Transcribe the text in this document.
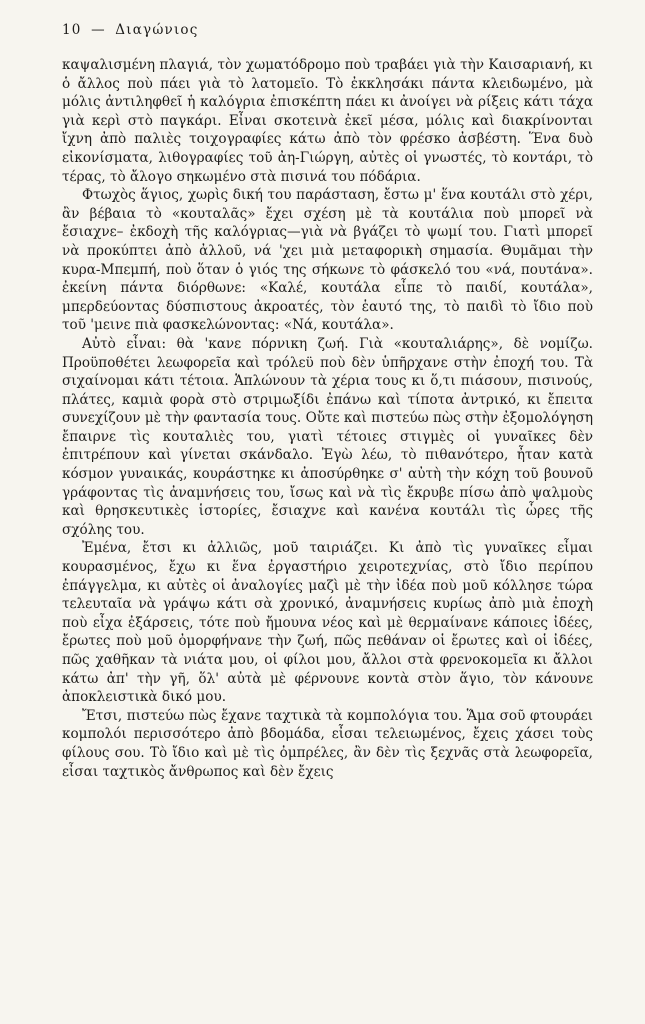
10 — Διαγώνιος

καψαλισμένη πλαγιά, τὸν χωματόδρομο ποὺ τραβάει γιὰ τὴν Καισαριανή, κι ὁ ἄλλος ποὺ πάει γιὰ τὸ λατομεῖο. Τὸ ἐκκλησάκι πάντα κλειδωμένο, μὰ μόλις ἀντιληφθεῖ ἡ καλόγρια ἐπισκέπτη πάει κι ἀνοίγει νὰ ρίξεις κάτι τάχα γιὰ κερὶ στὸ παγκάρι. Εἶναι σκοτεινὰ ἐκεῖ μέσα, μόλις καὶ διακρίνονται ἴχνη ἀπὸ παλιὲς τοιχογραφίες κάτω ἀπὸ τὸν φρέσκο ἀσβέστη. Ἕνα δυὸ εἰκονίσματα, λιθογραφίες τοῦ ἀη-Γιώργη, αὐτὲς οἱ γνωστές, τὸ κοντάρι, τὸ τέρας, τὸ ἄλογο σηκωμένο στὰ πισινά του πόδάρια.

Φτωχὸς ἅγιος, χωρὶς δική του παράσταση, ἔστω μ' ἕνα κουτάλι στὸ χέρι, ἂν βέβαια τὸ «κουταλᾶς» ἔχει σχέση μὲ τὰ κουτάλια ποὺ μπορεῖ νὰ ἔσιαχνε– ἐκδοχὴ τῆς καλόγριας—γιὰ νὰ βγάζει τὸ ψωμί του. Γιατὶ μπορεῖ νὰ προκύπτει ἀπὸ ἀλλοῦ, νά 'χει μιὰ μεταφορικὴ σημασία. Θυμᾶμαι τὴν κυρα-Μπεμπή, ποὺ ὅταν ὁ γιός της σήκωνε τὸ φάσκελό του «νά, πουτάνα». ἐκείνη πάντα διόρθωνε: «Καλέ, κουτάλα εἶπε τὸ παιδί, κουτάλα», μπερδεύοντας δύσπιστους ἀκροατές, τὸν ἑαυτό της, τὸ παιδὶ τὸ ἴδιο ποὺ τοῦ 'μεινε πιὰ φασκελώνοντας: «Νά, κουτάλα».

Αὐτὸ εἶναι: θὰ 'κανε πόρνικη ζωή. Γιὰ «κουταλιάρης», δὲ νομίζω. Προϋποθέτει λεωφορεῖα καὶ τρόλεϋ ποὺ δὲν ὑπῆρχανε στὴν ἐποχή του. Τὰ σιχαίνομαι κάτι τέτοια. Ἁπλώνουν τὰ χέρια τους κι ὅ,τι πιάσουν, πισινούς, πλάτες, καμιὰ φορὰ στὸ στριμωξίδι ἐπάνω καὶ τίποτα ἀντρικό, κι ἔπειτα συνεχίζουν μὲ τὴν φαντασία τους. Οὔτε καὶ πιστεύω πὼς στὴν ἐξομολόγηση ἔπαιρνε τὶς κουταλιὲς του, γιατὶ τέτοιες στιγμὲς οἱ γυναῖκες δὲν ἐπιτρέπουν καὶ γίνεται σκάνδαλο. Ἐγὼ λέω, τὸ πιθανότερο, ἦταν κατὰ κόσμον γυναικάς, κουράστηκε κι ἀποσύρθηκε σ' αὐτὴ τὴν κόχη τοῦ βουνοῦ γράφοντας τὶς ἀναμνήσεις του, ἴσως καὶ νὰ τὶς ἔκρυβε πίσω ἀπὸ ψαλμοὺς καὶ θρησκευτικὲς ἱστορίες, ἔσιαχνε καὶ κανένα κουτάλι τὶς ὧρες τῆς σχόλης του.

Ἐμένα, ἔτσι κι ἀλλιῶς, μοῦ ταιριάζει. Κι ἀπὸ τὶς γυναῖκες εἶμαι κουρασμένος, ἔχω κι ἕνα ἐργαστήριο χειροτεχνίας, στὸ ἴδιο περίπου ἐπάγγελμα, κι αὐτὲς οἱ ἀναλογίες μαζὶ μὲ τὴν ἰδέα ποὺ μοῦ κόλλησε τώρα τελευταῖα νὰ γράψω κάτι σὰ χρονικό, ἀναμνήσεις κυρίως ἀπὸ μιὰ ἐποχὴ ποὺ εἶχα ἐξάρσεις, τότε ποὺ ἤμουνα νέος καὶ μὲ θερμαίνανε κάποιες ἰδέες, ἔρωτες ποὺ μοῦ ὀμορφήνανε τὴν ζωή, πῶς πεθάναν οἱ ἔρωτες καὶ οἱ ἰδέες, πῶς χαθῆκαν τὰ νιάτα μου, οἱ φίλοι μου, ἄλλοι στὰ φρενοκομεῖα κι ἄλλοι κάτω ἀπ' τὴν γῆ, ὅλ' αὐτὰ μὲ φέρνουνε κοντὰ στὸν ἅγιο, τὸν κάνουνε ἀποκλειστικὰ δικό μου.

Ἔτσι, πιστεύω πὼς ἔχανε ταχτικὰ τὰ κομπολόγια του. Ἅμα σοῦ φτουράει κομπολόι περισσότερο ἀπὸ βδομάδα, εἶσαι τελειωμένος, ἔχεις χάσει τοὺς φίλους σου. Τὸ ἴδιο καὶ μὲ τὶς ὀμπρέλες, ἂν δὲν τὶς ξεχνᾶς στὰ λεωφορεῖα, εἶσαι ταχτικὸς ἄνθρωπος καὶ δὲν ἔχεις
